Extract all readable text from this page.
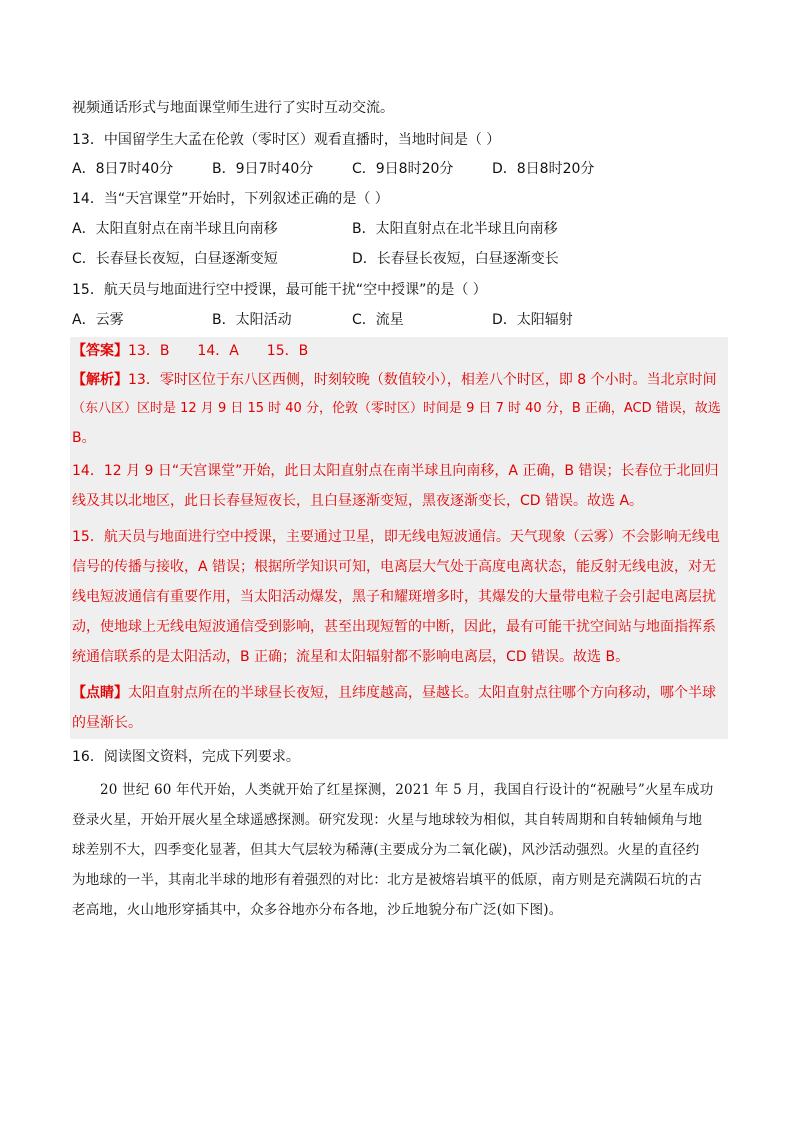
视频通话形式与地面课堂师生进行了实时互动交流。
13．中国留学生大孟在伦敦（零时区）观看直播时，当地时间是（ ）
A．8日7时40分	B．9日7时40分	C．9日8时20分	D．8日8时20分
14．当“天宫课堂”开始时，下列叙述正确的是（ ）
A．太阳直射点在南半球且向南移	B．太阳直射点在北半球且向南移
C．长春昼长夜短，白昼逐渐变短	D．长春昼长夜短，白昼逐渐变长
15．航天员与地面进行空中授课，最可能干扰“空中授课”的是（ ）
A．云雾	B．太阳活动	C．流星	D．太阳辐射
【答案】13．B　　14．A　　15．B
【解析】13．零时区位于东八区西侧，时刻较晚（数值较小），相差八个时区，即 8 个小时。当北京时间
（东八区）区时是 12 月 9 日 15 时 40 分，伦敦（零时区）时间是 9 日 7 时 40 分，B 正确，ACD 错误，故选
B。
14．12 月 9 日“天宫课堂”开始，此日太阳直射点在南半球且向南移，A 正确，B 错误；长春位于北回归
线及其以北地区，此日长春昼短夜长，且白昼逐渐变短，黑夜逐渐变长，CD 错误。故选 A。
15．航天员与地面进行空中授课，主要通过卫星，即无线电短波通信。天气现象（云雾）不会影响无线电
信号的传播与接收，A 错误；根据所学知识可知，电离层大气处于高度电离状态，能反射无线电波，对无
线电短波通信有重要作用，当太阳活动爆发，黑子和耀斑增多时，其爆发的大量带电粒子会引起电离层扰
动，使地球上无线电短波通信受到影响，甚至出现短暂的中断，因此，最有可能干扰空间站与地面指挥系
统通信联系的是太阳活动，B 正确；流星和太阳辐射都不影响电离层，CD 错误。故选 B。
【点睛】太阳直射点所在的半球昼长夜短，且纬度越高，昼越长。太阳直射点往哪个方向移动，哪个半球
的昼渐长。
16．阅读图文资料，完成下列要求。
20 世纪 60 年代开始，人类就开始了红星探测，2021 年 5 月，我国自行设计的“祝融号”火星车成功
登录火星，开始开展火星全球遥感探测。研究发现：火星与地球较为相似，其自转周期和自转轴倾角与地
球差别不大，四季变化显著，但其大气层较为稀薄(主要成分为二氧化碳)，风沙活动强烈。火星的直径约
为地球的一半，其南北半球的地形有着强烈的对比：北方是被熔岩填平的低原，南方则是充满陨石坑的古
老高地，火山地形穿插其中，众多谷地亦分布各地，沙丘地貌分布广泛(如下图)。
